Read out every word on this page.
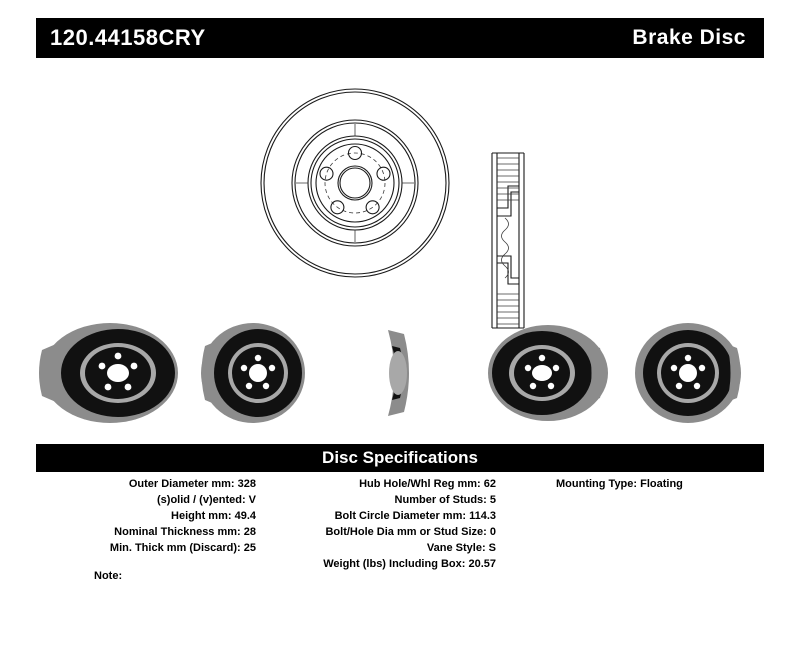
120.44158CRY	Brake Disc
Disc Specifications
Outer Diameter mm: 328
(s)olid / (v)ented: V
Height mm: 49.4
Nominal Thickness mm: 28
Min. Thick mm (Discard): 25
Hub Hole/Whl Reg mm: 62
Number of Studs: 5
Bolt Circle Diameter mm: 114.3
Bolt/Hole Dia mm or Stud Size: 0
Vane Style: S
Weight (lbs) Including Box: 20.57
Mounting Type: Floating
Note:
